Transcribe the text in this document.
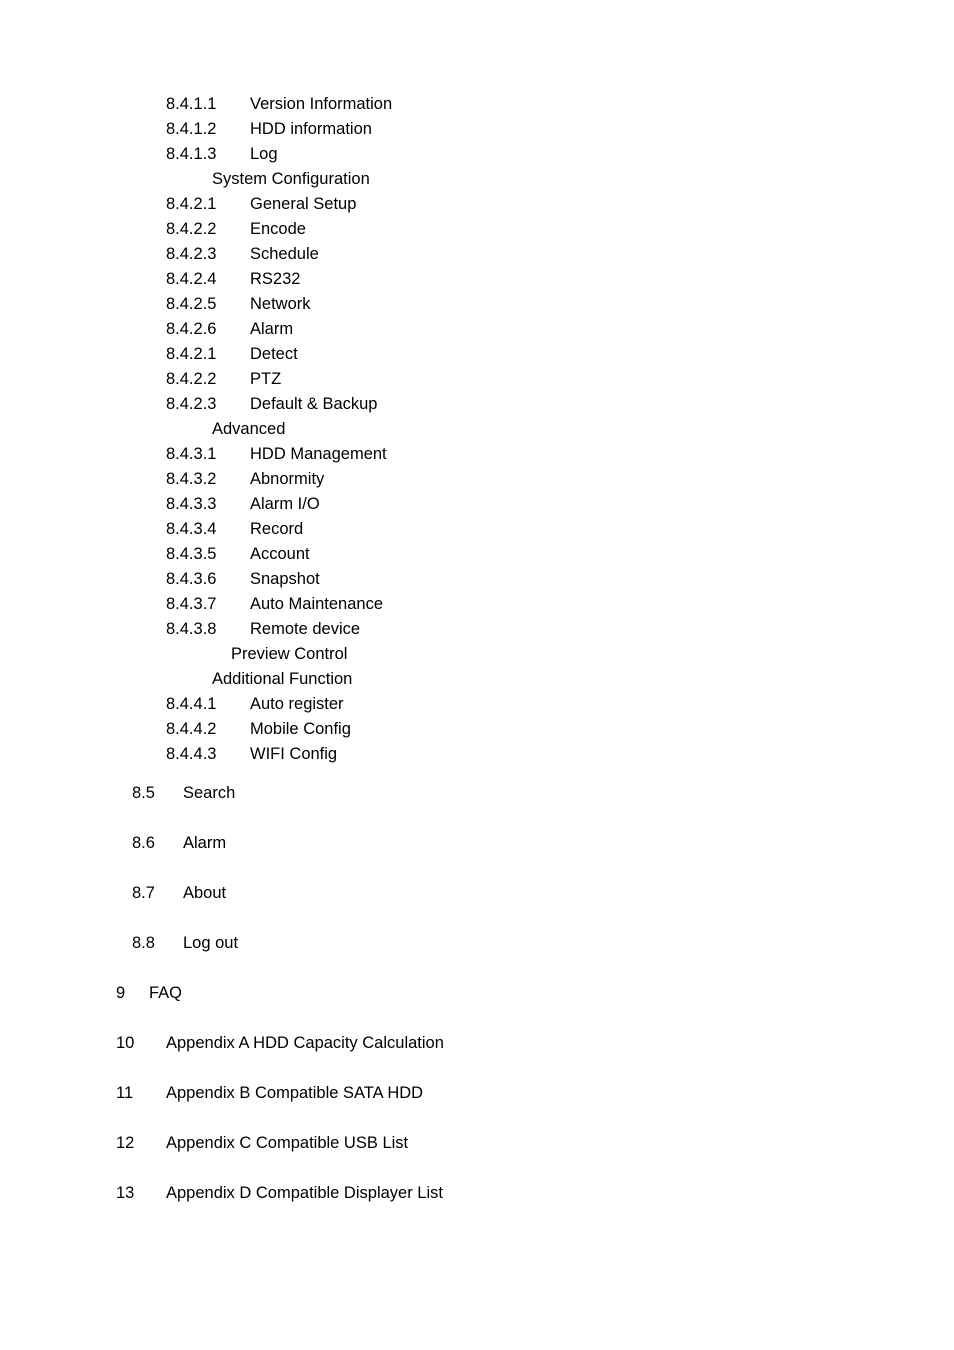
8.4.1.1 Version Information
8.4.1.2 HDD information
8.4.1.3 Log
System Configuration
8.4.2.1 General Setup
8.4.2.2 Encode
8.4.2.3 Schedule
8.4.2.4 RS232
8.4.2.5 Network
8.4.2.6 Alarm
8.4.2.1 Detect
8.4.2.2 PTZ
8.4.2.3 Default & Backup
Advanced
8.4.3.1 HDD Management
8.4.3.2 Abnormity
8.4.3.3 Alarm I/O
8.4.3.4 Record
8.4.3.5 Account
8.4.3.6 Snapshot
8.4.3.7 Auto Maintenance
8.4.3.8 Remote device
Preview Control
Additional Function
8.4.4.1 Auto register
8.4.4.2 Mobile Config
8.4.4.3 WIFI Config
8.5 Search
8.6 Alarm
8.7 About
8.8 Log out
9 FAQ
10 Appendix A HDD Capacity Calculation
11 Appendix B Compatible SATA HDD
12 Appendix C Compatible USB List
13 Appendix D Compatible Displayer List
